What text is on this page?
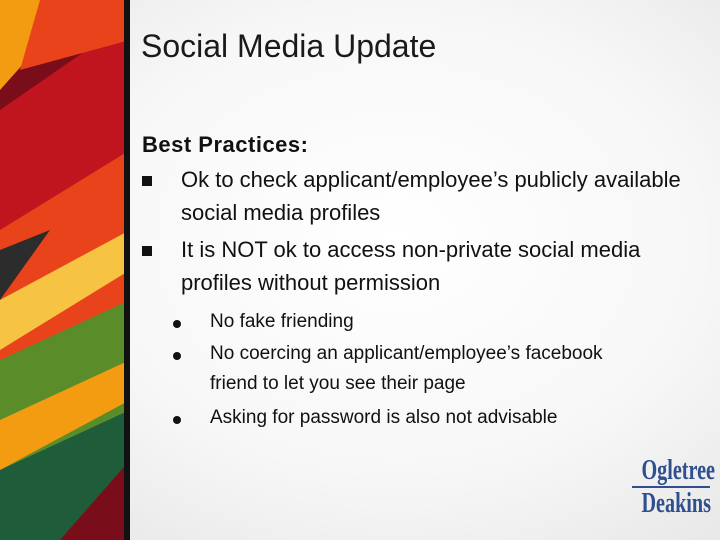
Social Media Update
Best Practices:
Ok to check applicant/employee’s publicly available social media profiles
It is NOT ok to access non-private social media profiles without permission
No fake friending
No coercing an applicant/employee’s facebook friend to let you see their page
Asking for password is also not advisable
Ogletree
Deakins
